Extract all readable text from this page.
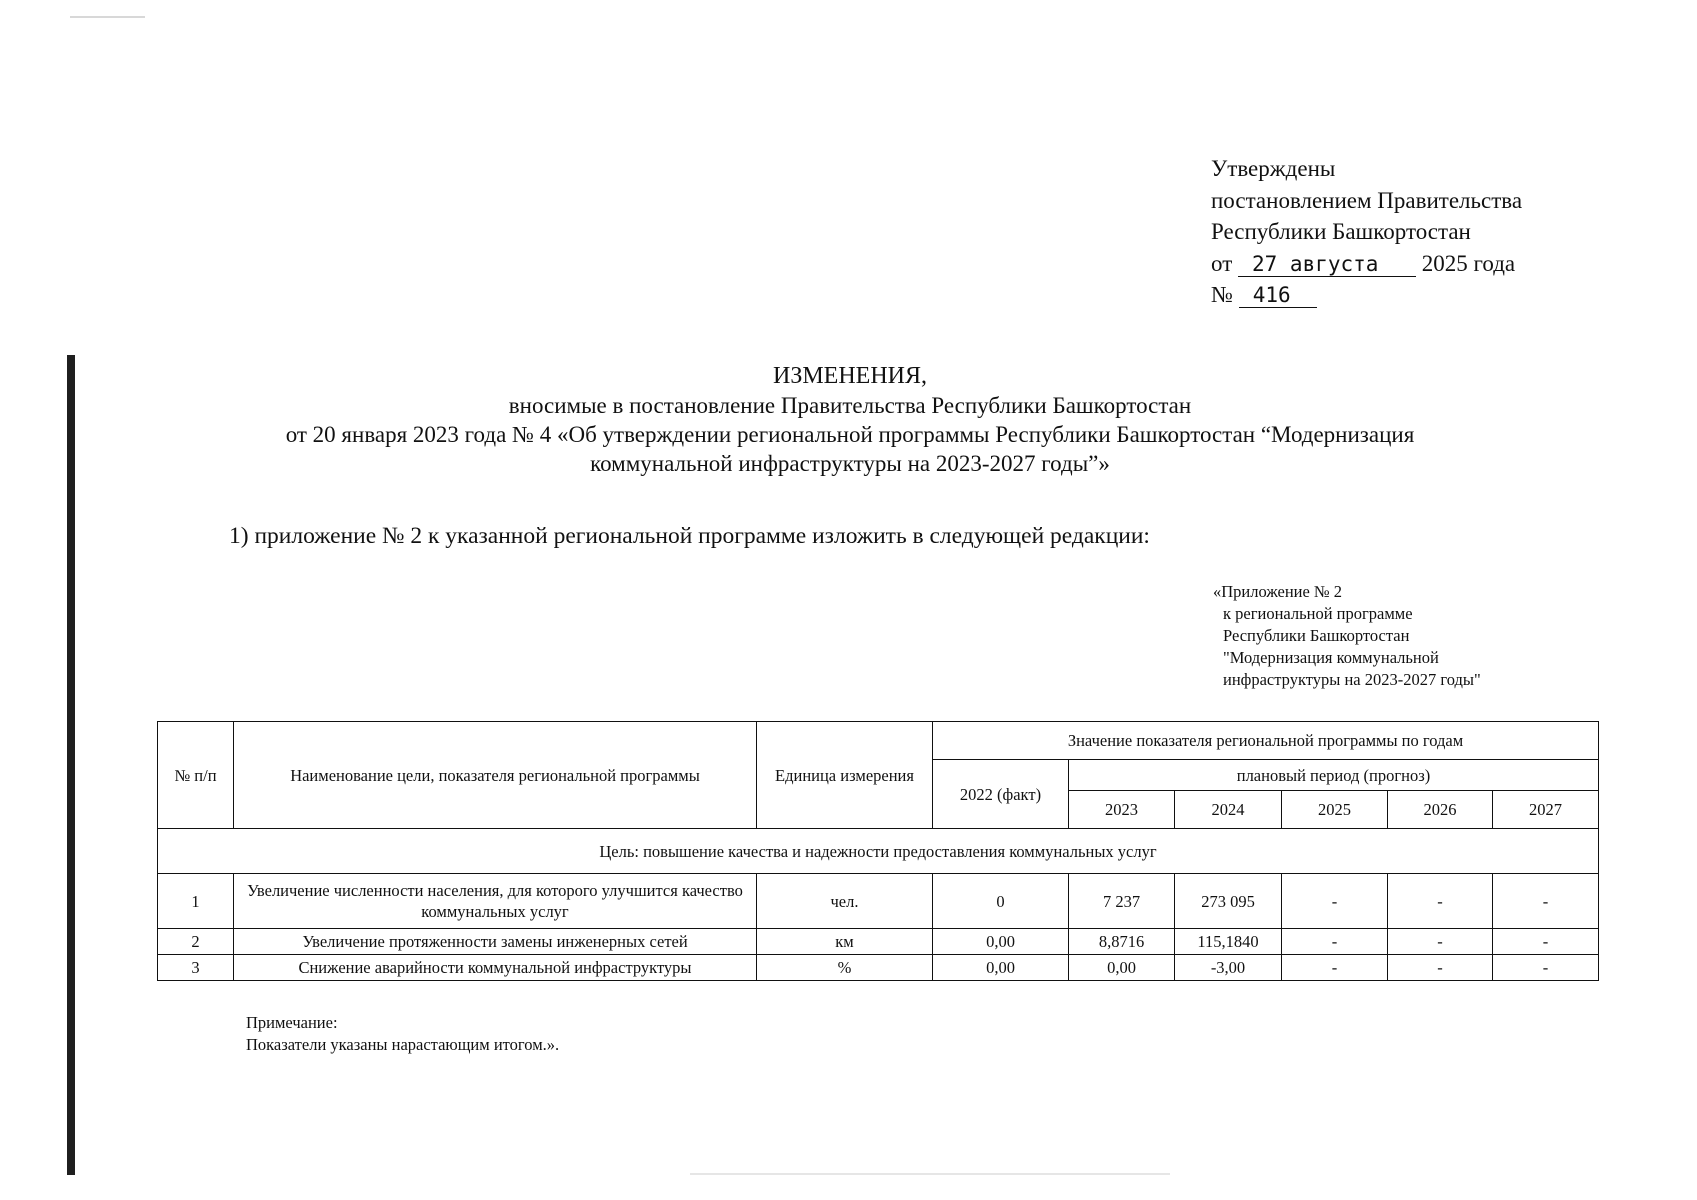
Утверждены
постановлением Правительства
Республики Башкортостан
от 27 августа 2025 года
№ 416
ИЗМЕНЕНИЯ,
вносимые в постановление Правительства Республики Башкортостан
от 20 января 2023 года № 4 «Об утверждении региональной программы Республики Башкортостан “Модернизация
коммунальной инфраструктуры на 2023-2027 годы”»
1) приложение № 2 к указанной региональной программе изложить в следующей редакции:
«Приложение № 2
к региональной программе
Республики Башкортостан
"Модернизация коммунальной
инфраструктуры на 2023-2027 годы"
№ п/п	Наименование цели, показателя региональной программы	Единица измерения	Значение показателя региональной программы по годам					
			2022 (факт)	плановый период (прогноз)				
				2023	2024	2025	2026	2027
Цель: повышение качества и надежности предоставления коммунальных услуг								
1	Увеличение численности населения, для которого улучшится качество коммунальных услуг	чел.	0	7 237	273 095	-	-	-
2	Увеличение протяженности замены инженерных сетей	км	0,00	8,8716	115,1840	-	-	-
3	Снижение аварийности коммунальной инфраструктуры	%	0,00	0,00	-3,00	-	-	-
Примечание:
Показатели указаны нарастающим итогом.».
